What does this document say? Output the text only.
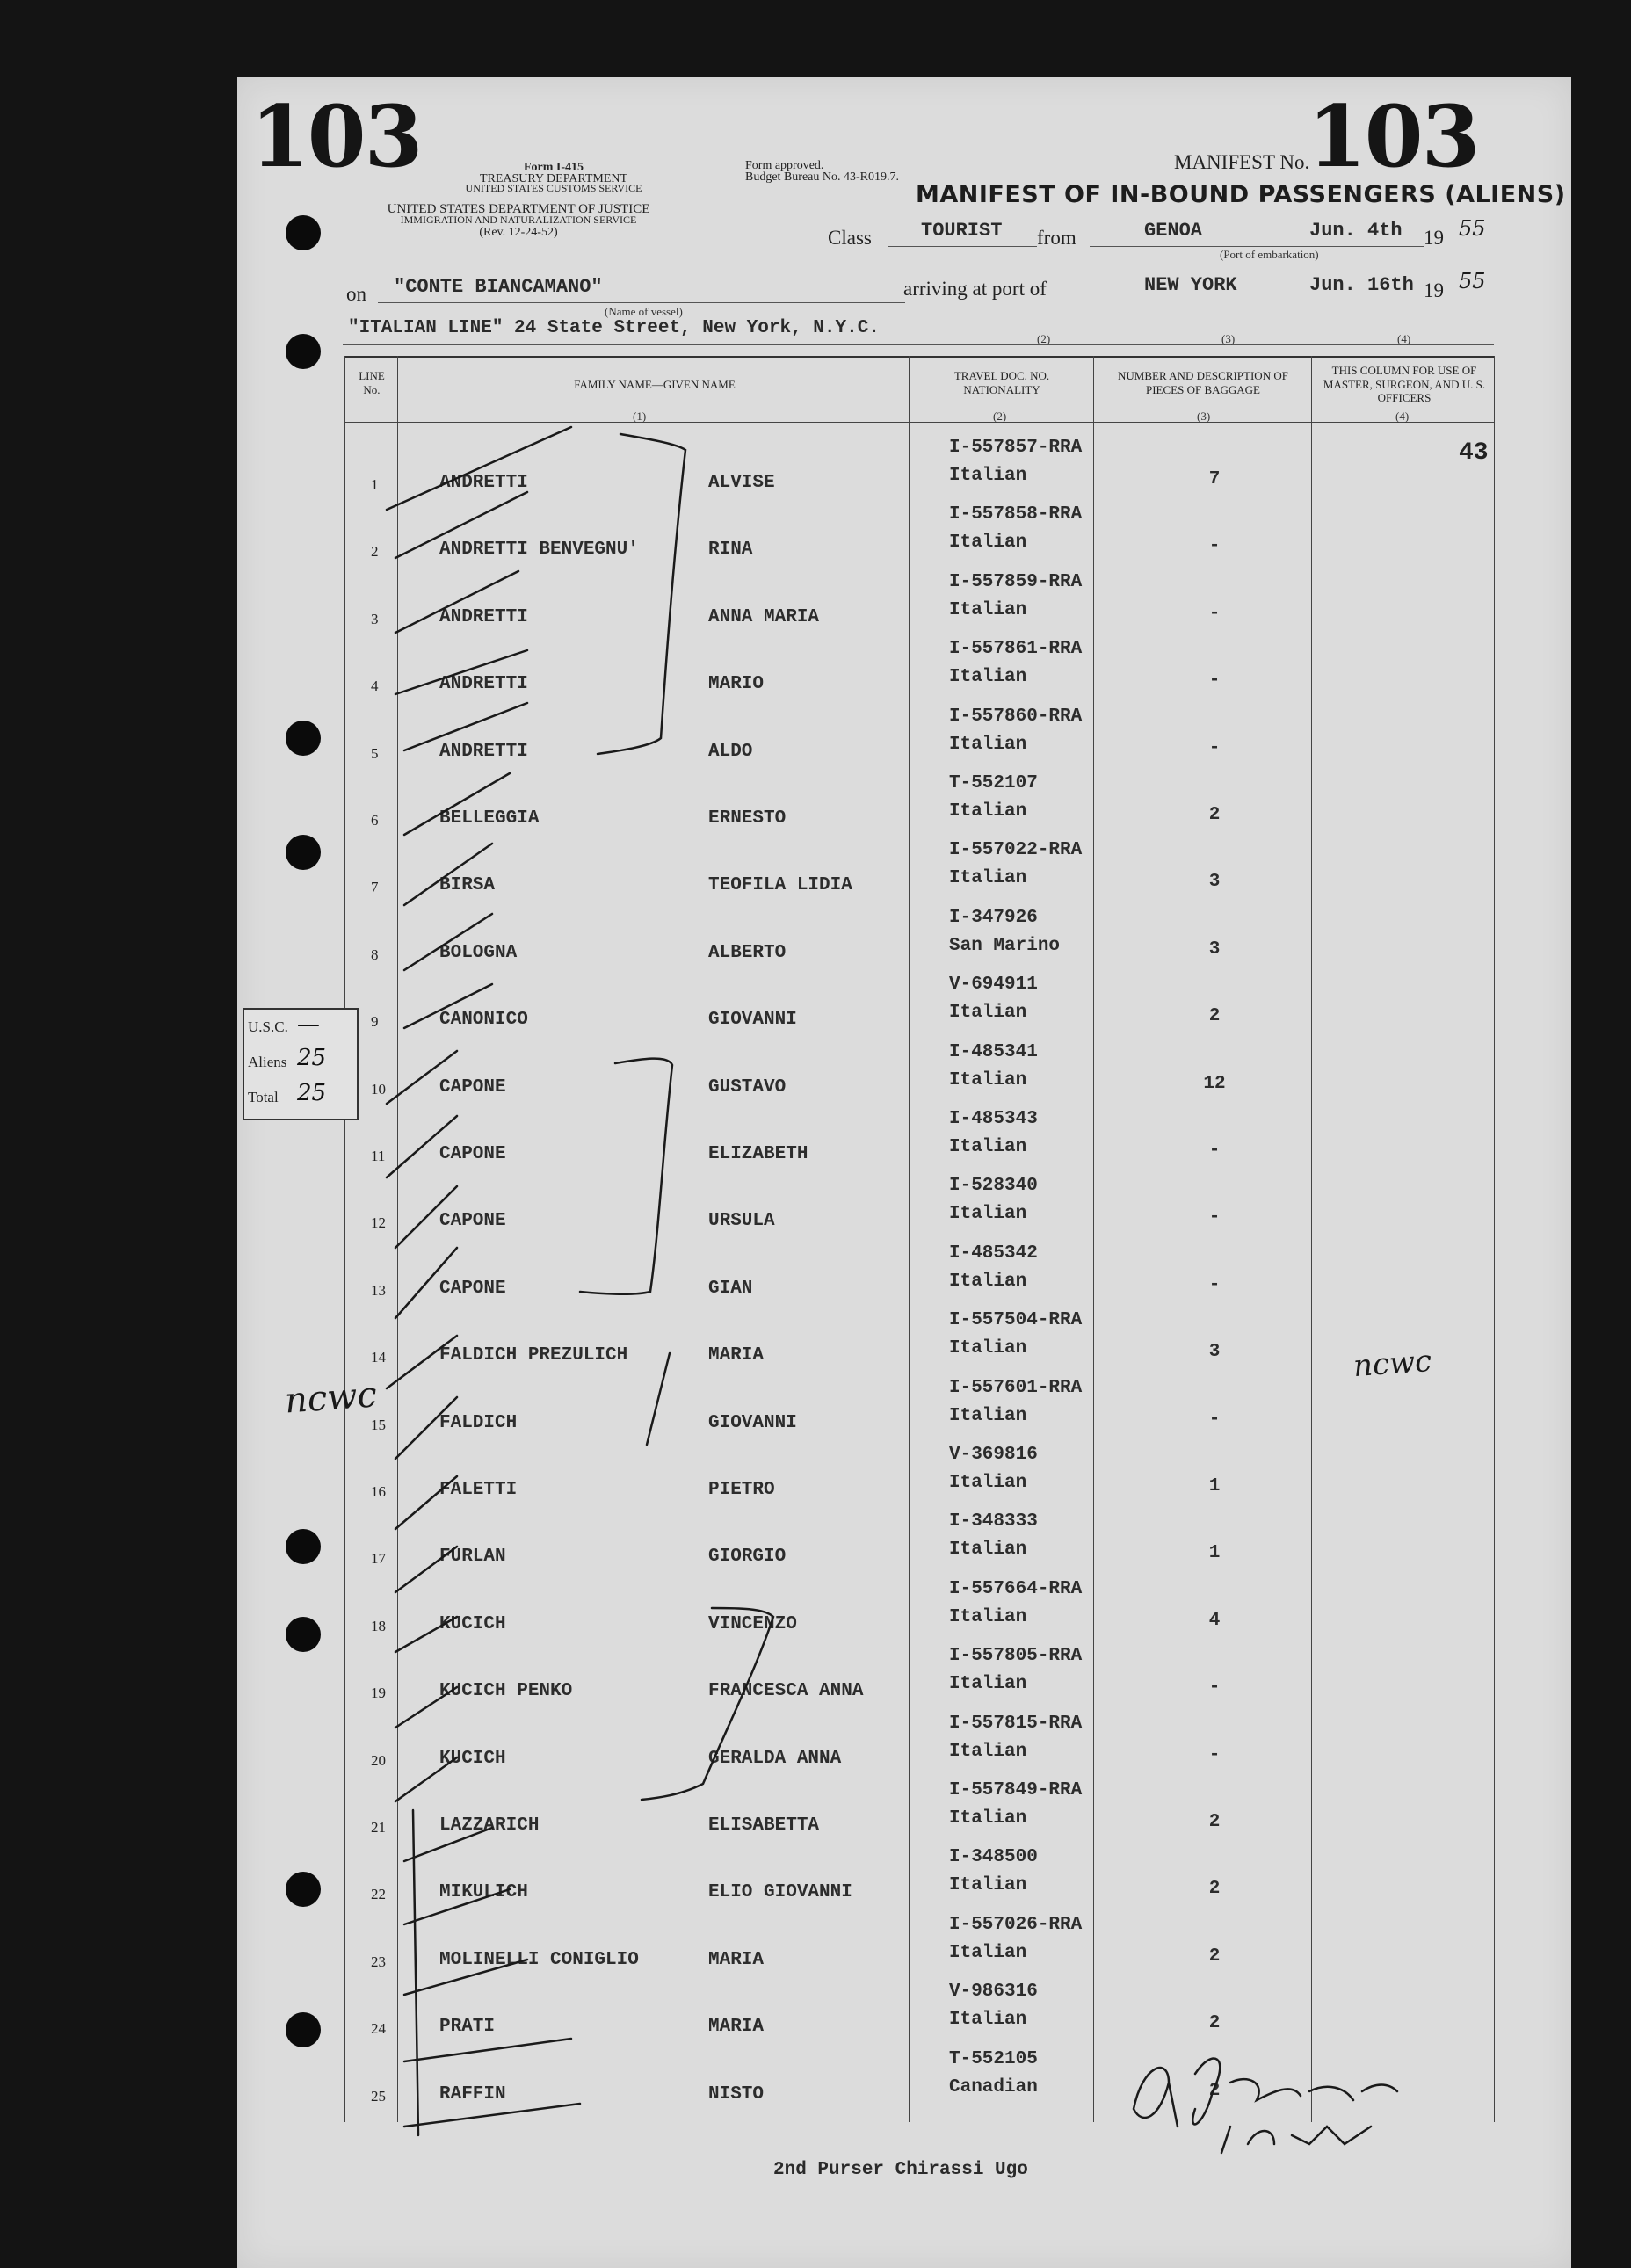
103	Form I-415
TREASURY DEPARTMENT
UNITED STATES CUSTOMS SERVICE
UNITED STATES DEPARTMENT OF JUSTICE
IMMIGRATION AND NATURALIZATION SERVICE
(Rev. 12-24-52)
Form approved.
Budget Bureau No. 43-R019.7.
MANIFEST No.
103
MANIFEST OF IN-BOUND PASSENGERS (ALIENS)
Class	TOURIST from	GENOA	Jun. 4th 19 55
(Port of embarkation)
on "CONTE BIANCAMANO"
(Name of vessel)
arriving at port of	NEW YORK	Jun. 16th 19 55
"ITALIAN LINE" 24 State Street, New York, N.Y.C.
(2)	(3)	(4)
LINE No.	FAMILY NAME—GIVEN NAME
TRAVEL DOC. NO. NATIONALITY
NUMBER AND DESCRIPTION OF PIECES OF BAGGAGE
THIS COLUMN FOR USE OF MASTER, SURGEON, AND U. S. OFFICERS
(1)	(2)	(3)	(4)
43
1	ANDRETTI	ALVISE
I-557857-RRA
Italian	7
2	ANDRETTI BENVEGNU'	RINA
I-557858-RRA
Italian	-
3	ANDRETTI	ANNA MARIA
I-557859-RRA
Italian	-
4	ANDRETTI	MARIO
I-557861-RRA
Italian	-
5	ANDRETTI	ALDO
I-557860-RRA
Italian	-
6	BELLEGGIA	ERNESTO
T-552107
Italian	2
7	BIRSA	TEOFILA LIDIA
I-557022-RRA
Italian	3
8	BOLOGNA	ALBERTO
I-347926
San Marino	3
9	CANONICO	GIOVANNI
V-694911
Italian	2
10	CAPONE	GUSTAVO
I-485341
Italian	12
11	CAPONE	ELIZABETH
I-485343
Italian	-
12	CAPONE	URSULA
I-528340
Italian	-
13	CAPONE	GIAN
I-485342
Italian	-
14	FALDICH PREZULICH	MARIA
I-557504-RRA
Italian	3
15	FALDICH	GIOVANNI
I-557601-RRA
Italian	-
16	FALETTI	PIETRO
V-369816
Italian	1
17	FURLAN	GIORGIO
I-348333
Italian	1
18	KUCICH	VINCENZO
I-557664-RRA
Italian	4
19	KUCICH PENKO	FRANCESCA ANNA
I-557805-RRA
Italian	-
20	KUCICH	GERALDA ANNA
I-557815-RRA
Italian	-
21	LAZZARICH	ELISABETTA
I-557849-RRA
Italian	2
22	MIKULICH	ELIO GIOVANNI
I-348500
Italian	2
23	MOLINELLI CONIGLIO	MARIA
I-557026-RRA
Italian	2
24	PRATI	MARIA
V-986316
Italian	2
25	RAFFIN	NISTO
T-552105
Canadian	2
U.S.C. —
Aliens 25
Total 25
ncwc
ncwc
2nd Purser Chirassi Ugo
